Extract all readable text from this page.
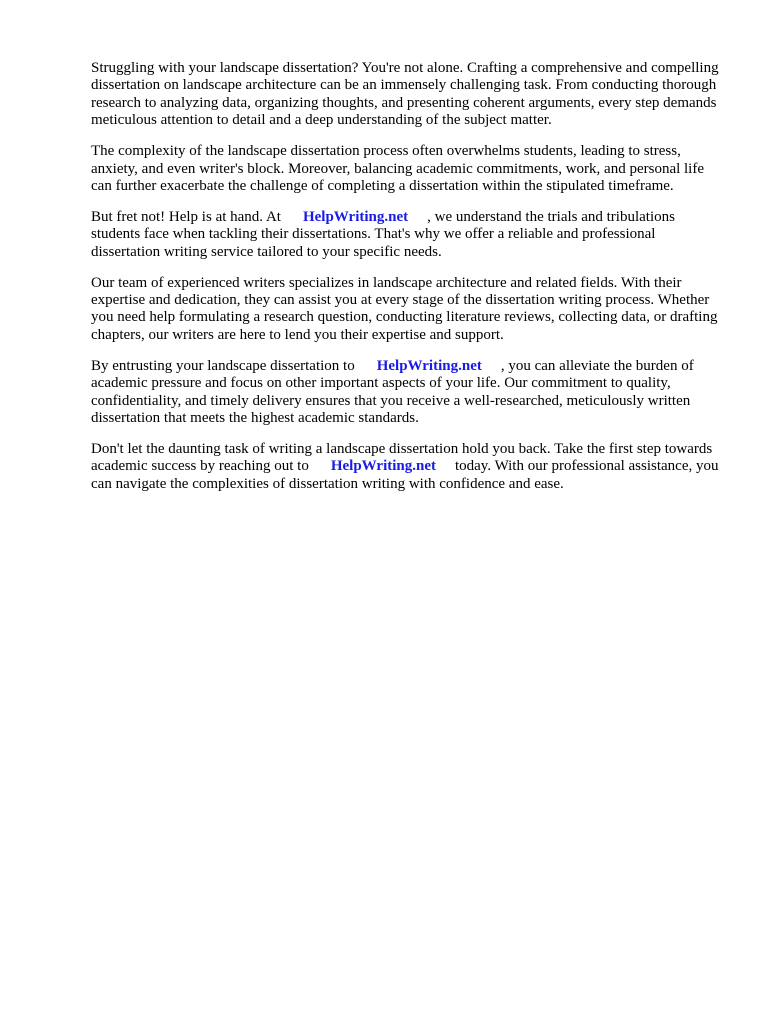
Struggling with your landscape dissertation? You're not alone. Crafting a comprehensive and compelling dissertation on landscape architecture can be an immensely challenging task. From conducting thorough research to analyzing data, organizing thoughts, and presenting coherent arguments, every step demands meticulous attention to detail and a deep understanding of the subject matter.

The complexity of the landscape dissertation process often overwhelms students, leading to stress, anxiety, and even writer's block. Moreover, balancing academic commitments, work, and personal life can further exacerbate the challenge of completing a dissertation within the stipulated timeframe.

But fret not! Help is at hand. At HelpWriting.net , we understand the trials and tribulations students face when tackling their dissertations. That's why we offer a reliable and professional dissertation writing service tailored to your specific needs.

Our team of experienced writers specializes in landscape architecture and related fields. With their expertise and dedication, they can assist you at every stage of the dissertation writing process. Whether you need help formulating a research question, conducting literature reviews, collecting data, or drafting chapters, our writers are here to lend you their expertise and support.

By entrusting your landscape dissertation to HelpWriting.net , you can alleviate the burden of academic pressure and focus on other important aspects of your life. Our commitment to quality, confidentiality, and timely delivery ensures that you receive a well-researched, meticulously written dissertation that meets the highest academic standards.

Don't let the daunting task of writing a landscape dissertation hold you back. Take the first step towards academic success by reaching out to HelpWriting.net today. With our professional assistance, you can navigate the complexities of dissertation writing with confidence and ease.
